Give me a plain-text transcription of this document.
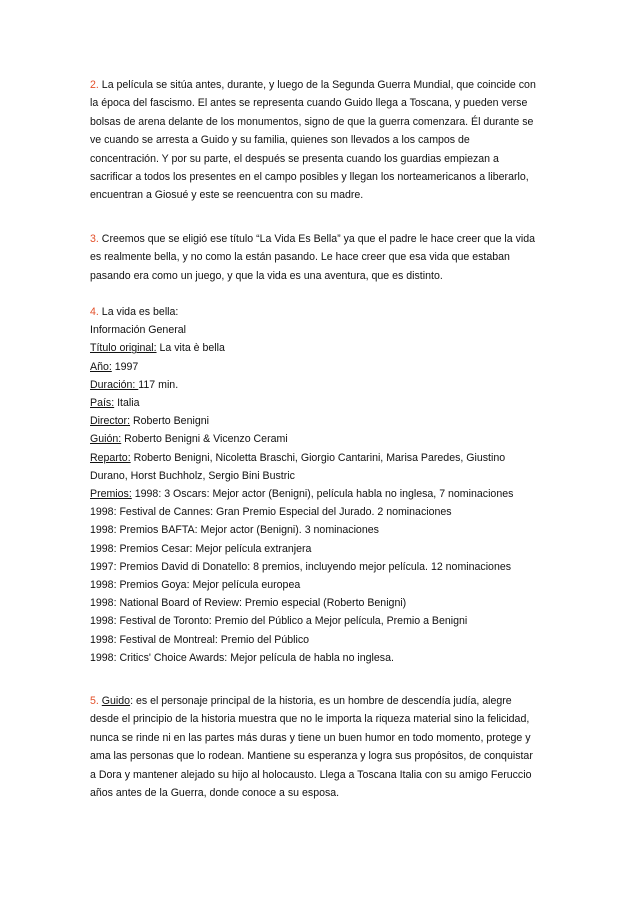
2. La película se sitúa antes, durante, y luego de la Segunda Guerra Mundial, que coincide con

la época del fascismo. El antes se representa cuando Guido llega a Toscana, y pueden verse

bolsas de arena delante de los monumentos, signo de que la guerra comenzara. Él durante se

ve cuando se arresta a Guido y su familia, quienes son llevados a los campos de

concentración. Y por su parte, el después se presenta cuando los guardias empiezan a

sacrificar a todos los presentes en el campo posibles y llegan los norteamericanos a liberarlo,

encuentran a Giosué y este se reencuentra con su madre.

3. Creemos que se eligió ese título “La Vida Es Bella” ya que el padre le hace creer que la vida

es realmente bella, y no como la están pasando. Le hace creer que esa vida que estaban

pasando era como un juego, y que la vida es una aventura, que es distinto.

4. La vida es bella:
Información General
Título original: La vita è bella
Año: 1997
Duración: 117 min.
País: Italia
Director: Roberto Benigni
Guión: Roberto Benigni & Vicenzo Cerami
Reparto: Roberto Benigni, Nicoletta Braschi, Giorgio Cantarini, Marisa Paredes, Giustino
Durano, Horst Buchholz, Sergio Bini Bustric
Premios: 1998: 3 Oscars: Mejor actor (Benigni), película habla no inglesa, 7 nominaciones
1998: Festival de Cannes: Gran Premio Especial del Jurado. 2 nominaciones
1998: Premios BAFTA: Mejor actor (Benigni). 3 nominaciones
1998: Premios Cesar: Mejor película extranjera
1997: Premios David di Donatello: 8 premios, incluyendo mejor película. 12 nominaciones
1998: Premios Goya: Mejor película europea
1998: National Board of Review: Premio especial (Roberto Benigni)
1998: Festival de Toronto: Premio del Público a Mejor película, Premio a Benigni
1998: Festival de Montreal: Premio del Público
1998: Critics' Choice Awards: Mejor película de habla no inglesa.

5. Guido: es el personaje principal de la historia, es un hombre de descendía judía, alegre

desde el principio de la historia muestra que no le importa la riqueza material sino la felicidad,

nunca se rinde ni en las partes más duras y tiene un buen humor en todo momento, protege y

ama las personas que lo rodean. Mantiene su esperanza y logra sus propósitos, de conquistar

a Dora y mantener alejado su hijo al holocausto. Llega a Toscana Italia con su amigo Feruccio

años antes de la Guerra, donde conoce a su esposa.
